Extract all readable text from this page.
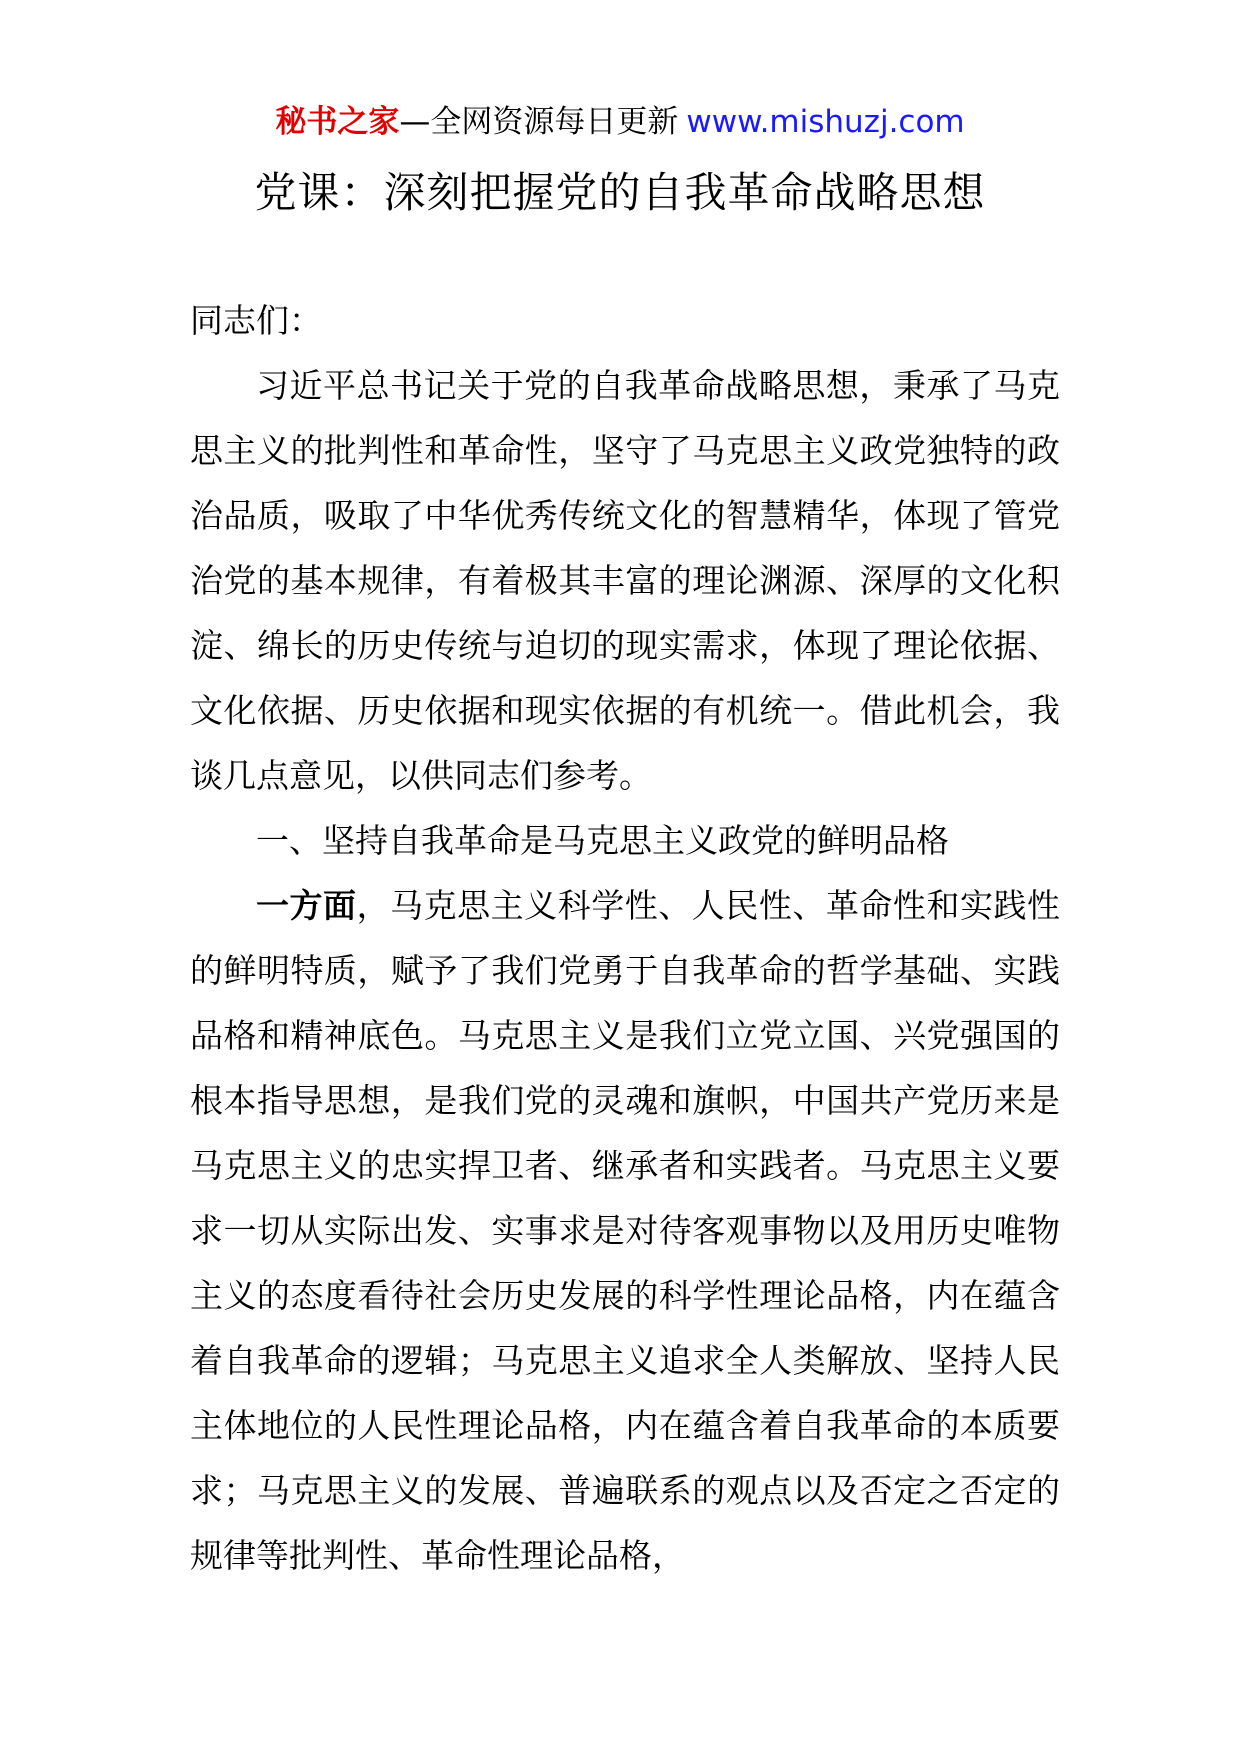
秘书之家—全网资源每日更新 www.mishuzj.com
党课：深刻把握党的自我革命战略思想

同志们：

习近平总书记关于党的自我革命战略思想，秉承了马克思主义的批判性和革命性，坚守了马克思主义政党独特的政治品质，吸取了中华优秀传统文化的智慧精华，体现了管党治党的基本规律，有着极其丰富的理论渊源、深厚的文化积淀、绵长的历史传统与迫切的现实需求，体现了理论依据、文化依据、历史依据和现实依据的有机统一。借此机会，我谈几点意见，以供同志们参考。

一、坚持自我革命是马克思主义政党的鲜明品格

一方面，马克思主义科学性、人民性、革命性和实践性的鲜明特质，赋予了我们党勇于自我革命的哲学基础、实践品格和精神底色。马克思主义是我们立党立国、兴党强国的根本指导思想，是我们党的灵魂和旗帜，中国共产党历来是马克思主义的忠实捍卫者、继承者和实践者。马克思主义要求一切从实际出发、实事求是对待客观事物以及用历史唯物主义的态度看待社会历史发展的科学性理论品格，内在蕴含着自我革命的逻辑；马克思主义追求全人类解放、坚持人民主体地位的人民性理论品格，内在蕴含着自我革命的本质要求；马克思主义的发展、普遍联系的观点以及否定之否定的规律等批判性、革命性理论品格，
